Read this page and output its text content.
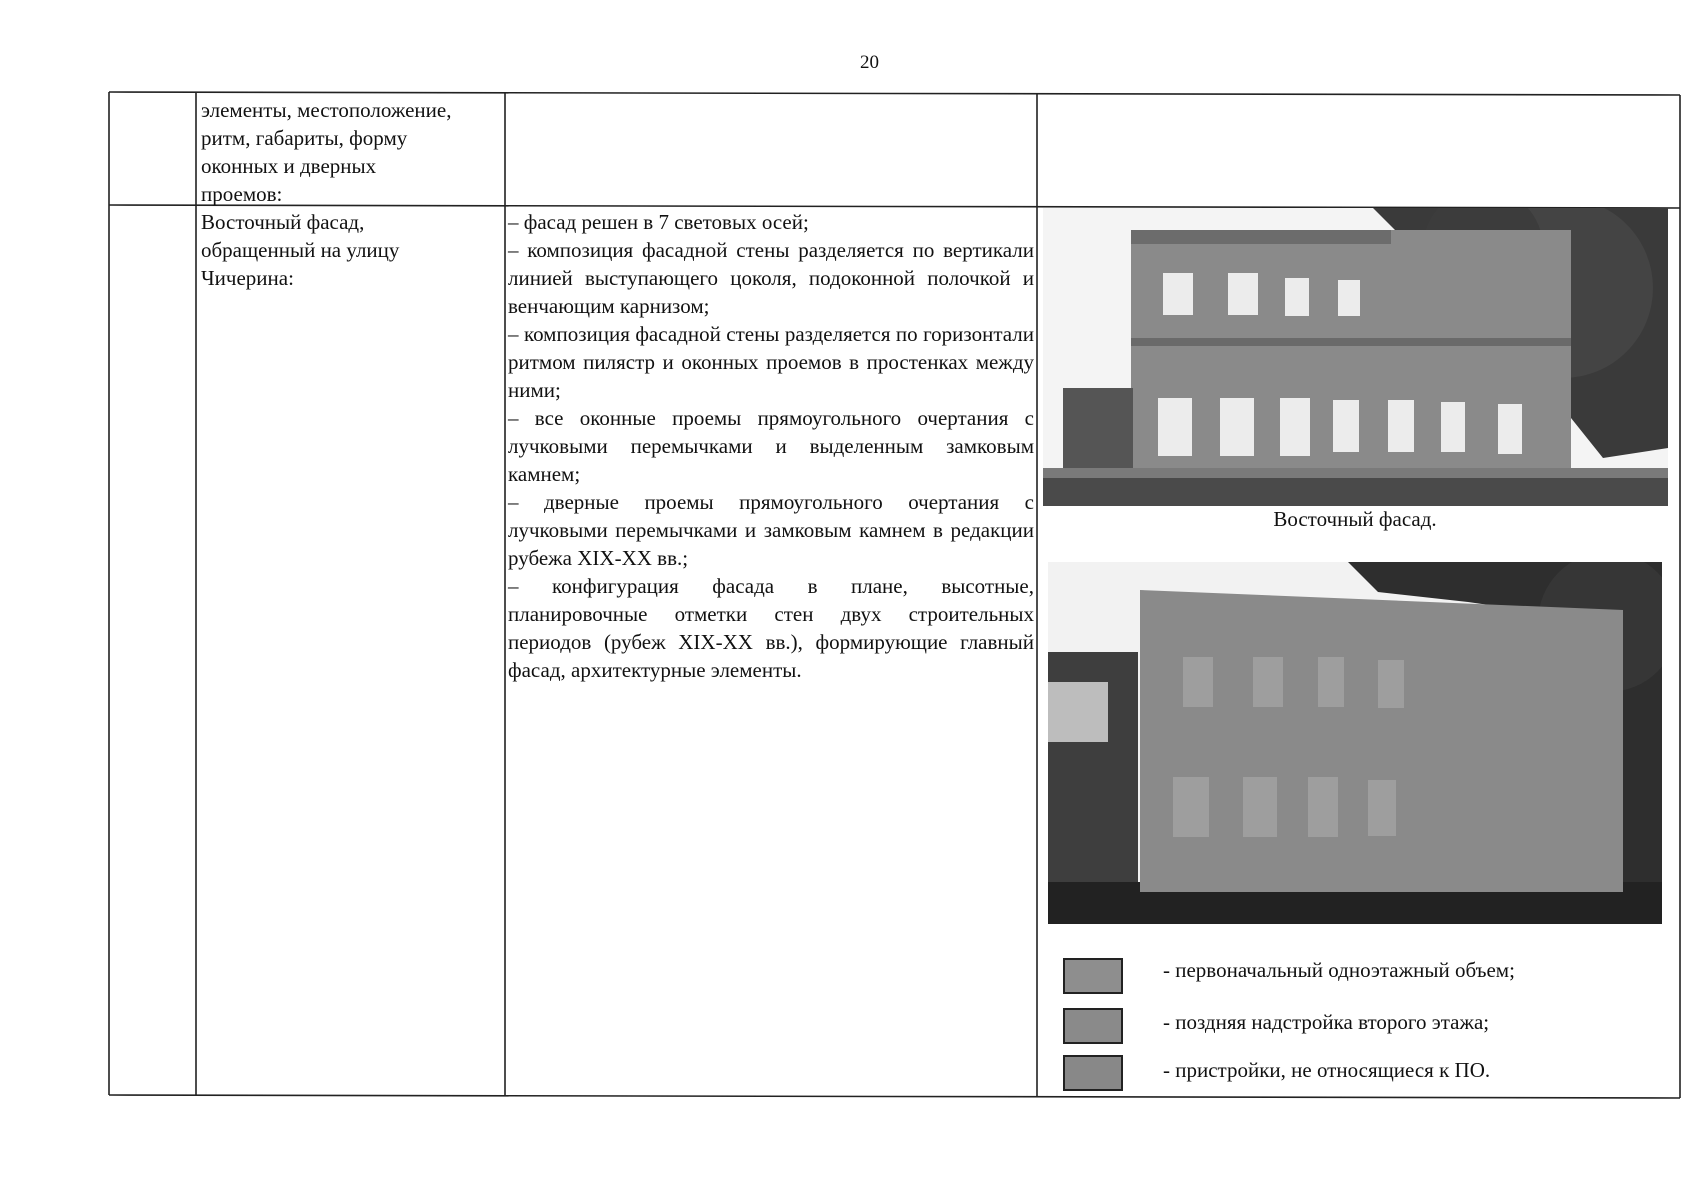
20
элементы, местоположение,
ритм, габариты, форму
оконных и дверных
проемов:
Восточный фасад,
обращенный на улицу
Чичерина:
– фасад решен в 7 световых осей;
– композиция фасадной стены разделяется по вертикали линией выступающего цоколя, подоконной полочкой и венчающим карнизом;
– композиция фасадной стены разделяется по горизонтали ритмом пилястр и оконных проемов в простенках между ними;
– все оконные проемы прямоугольного очертания с лучковыми перемычками и выделенным замковым камнем;
– дверные проемы прямоугольного очертания с лучковыми перемычками и замковым камнем в редакции рубежа XIX-XX вв.;
– конфигурация фасада в плане, высотные, планировочные отметки стен двух строительных периодов (рубеж XIX-XX вв.), формирующие главный фасад, архитектурные элементы.
Восточный фасад.
- первоначальный одноэтажный объем;
- поздняя надстройка второго этажа;
- пристройки, не относящиеся к ПО.
